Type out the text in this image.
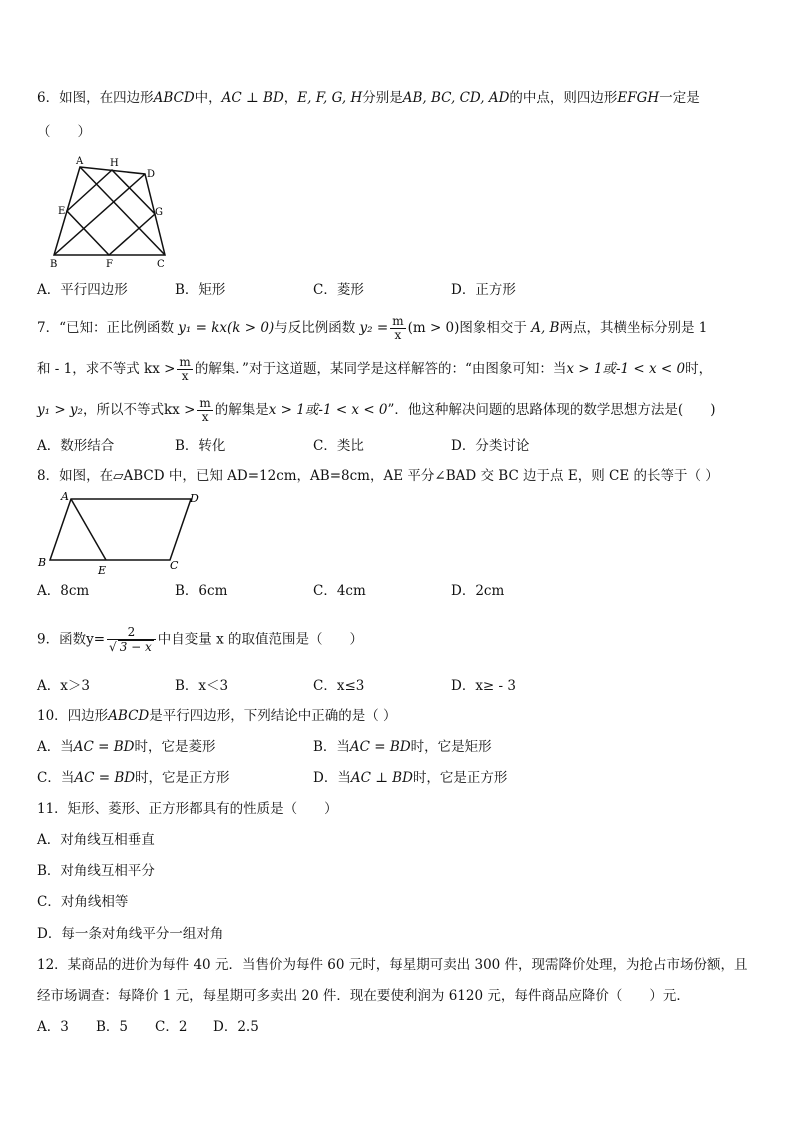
6．如图，在四边形ABCD中，AC ⊥ BD，E, F, G, H分别是AB, BC, CD, AD的中点，则四边形EFGH一定是
（　　）
A	H
D
E	G
B	F	C
A．平行四边形	B．矩形	C．菱形	D．正方形
7．“已知：正比例函数 y₁ = kx(k > 0)与反比例函数 $y_2 = \frac{m}{x} (m > 0)$图象相交于 A, B两点，其横坐标分别是 1
和 - 1，求不等式 kx > $\frac{m}{x}$ 的解集．”对于这道题，某同学是这样解答的：“由图象可知：当x > 1或-1 < x < 0时，
y₁ > y₂，所以不等式kx > $\frac{m}{x}$ 的解集是x > 1或-1 < x < 0”．他这种解决问题的思路体现的数学思想方法是(　　)
A．数形结合	B．转化	C．类比	D．分类讨论
8．如图，在▱ABCD 中，已知 AD=12cm，AB=8cm，AE 平分∠BAD 交 BC 边于点 E，则 CE 的长等于（ ）
A	D
B
E	C
A．8cm	B．6cm	C．4cm	D．2cm
9．函数$y= \frac{2}{√ 3 - x}$ 中自变量 x 的取值范围是（　　）
A．x＞3	B．x＜3	C．x≤3	D．x≥ - 3
10．四边形ABCD是平行四边形，下列结论中正确的是（ ）
A．当AC = BD时，它是菱形	B．当AC = BD时，它是矩形
C．当AC = BD时，它是正方形	D．当AC ⊥ BD时，它是正方形
11．矩形、菱形、正方形都具有的性质是（　　）
A．对角线互相垂直
B．对角线互相平分
C．对角线相等
D．每一条对角线平分一组对角
12．某商品的进价为每件 40 元．当售价为每件 60 元时，每星期可卖出 300 件，现需降价处理，为抢占市场份额，且
经市场调查：每降价 1 元，每星期可多卖出 20 件．现在要使利润为 6120 元，每件商品应降价（　　）元．
A．3 B．5 C．2 D．2.5
